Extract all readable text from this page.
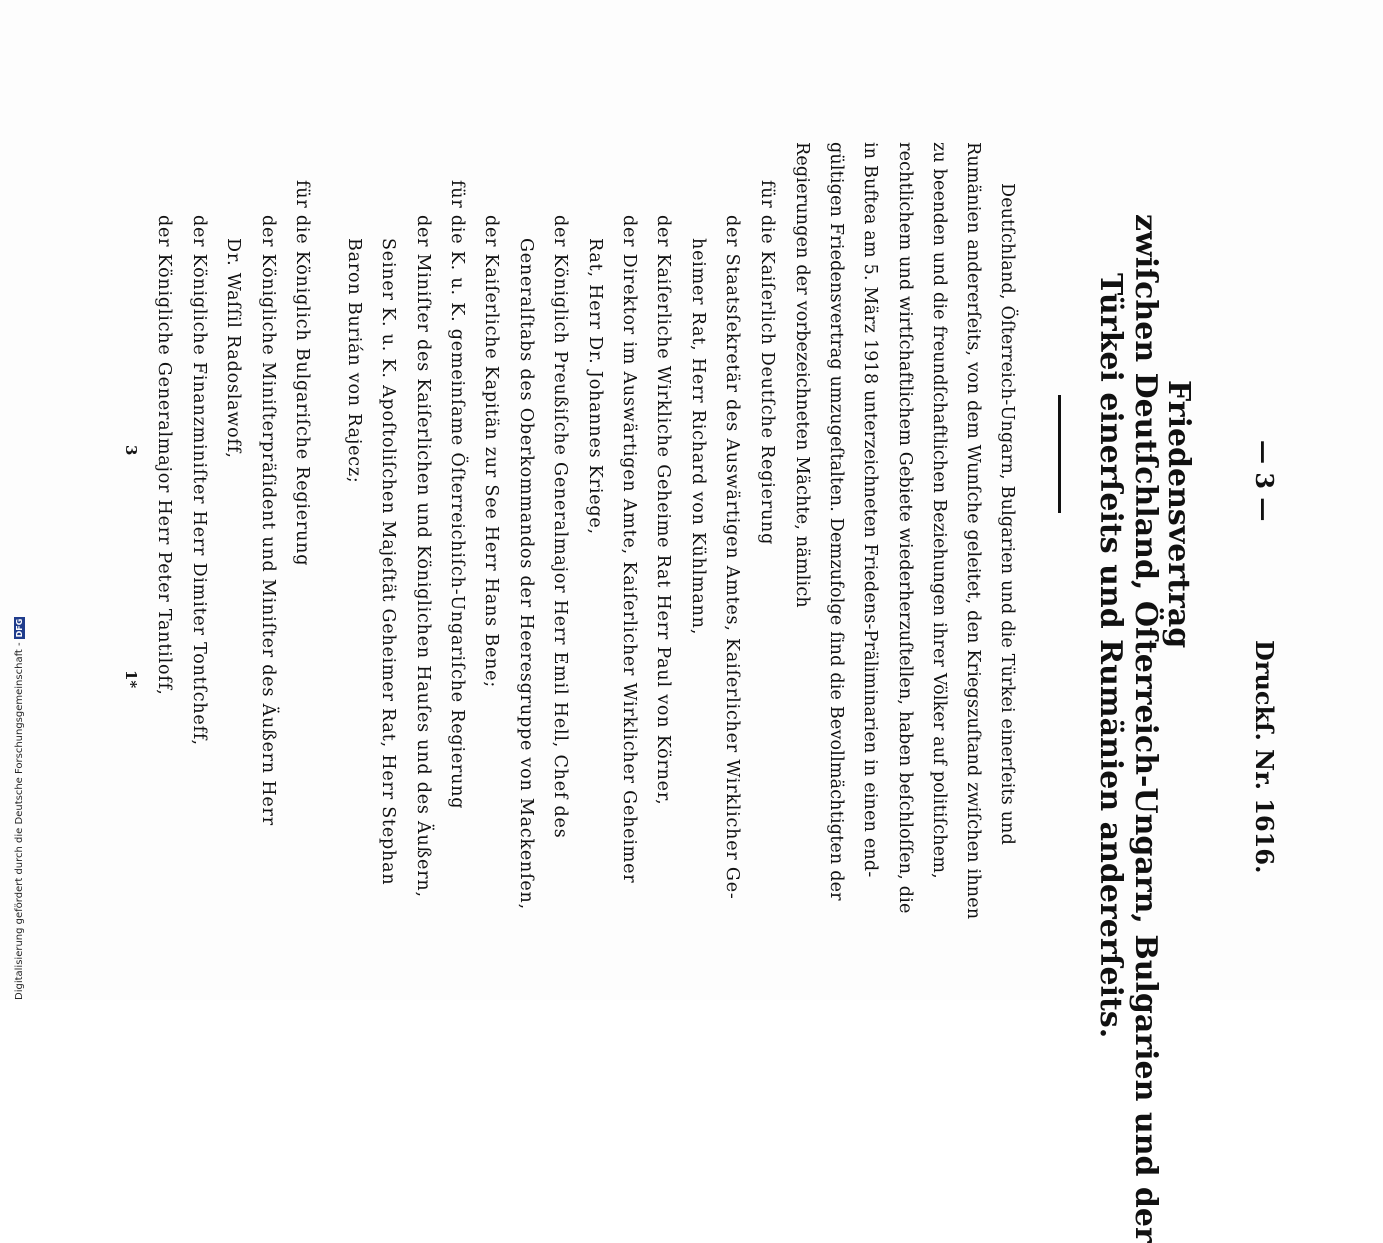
— 3 —
Druckſ. Nr. 1616.
Friedensvertrag
zwiſchen Deutſchland, Öſterreich-Ungarn, Bulgarien und der
Türkei einerſeits und Rumänien andererſeits.
Deutſchland, Öſterreich-Ungarn, Bulgarien und die Türkei einerſeits und
Rumänien andererſeits, von dem Wunſche geleitet, den Kriegszuſtand zwiſchen ihnen
zu beenden und die freundſchaftlichen Beziehungen ihrer Völker auf politiſchem,
rechtlichem und wirtſchaftlichem Gebiete wiederherzuſtellen, haben beſchloſſen, die
in Buftea am 5. März 1918 unterzeichneten Friedens-Präliminarien in einen end-
gültigen Friedensvertrag umzugeſtalten. Demzufolge ſind die Bevollmächtigten der
Regierungen der vorbezeichneten Mächte, nämlich
für die Kaiſerlich Deutſche Regierung
der Staatsſekretär des Auswärtigen Amtes, Kaiſerlicher Wirklicher Ge-
heimer Rat, Herr Richard von Kühlmann,
der Kaiſerliche Wirkliche Geheime Rat Herr Paul von Körner,
der Direktor im Auswärtigen Amte, Kaiſerlicher Wirklicher Geheimer
Rat, Herr Dr. Johannes Kriege,
der Königlich Preußiſche Generalmajor Herr Emil Hell, Chef des
Generalſtabs des Oberkommandos der Heeresgruppe von Mackenſen,
der Kaiſerliche Kapitän zur See Herr Hans Bene;
für die K. u. K. gemeinſame Öſterreichiſch-Ungariſche Regierung
der Miniſter des Kaiſerlichen und Königlichen Hauſes und des Äußern,
Seiner K. u. K. Apoſtoliſchen Majeſtät Geheimer Rat, Herr Stephan
Baron Burián von Rajecz;
für die Königlich Bulgariſche Regierung
der Königliche Miniſterpräſident und Miniſter des Äußern Herr
Dr. Waſſil Radoslawoff,
der Königliche Finanzminiſter Herr Dimiter Tontſcheff,
der Königliche Generalmajor Herr Peter Tantiloff,
3
1*
Digitalisierung gefördert durch die Deutsche Forschungsgemeinschaft -
DFG
